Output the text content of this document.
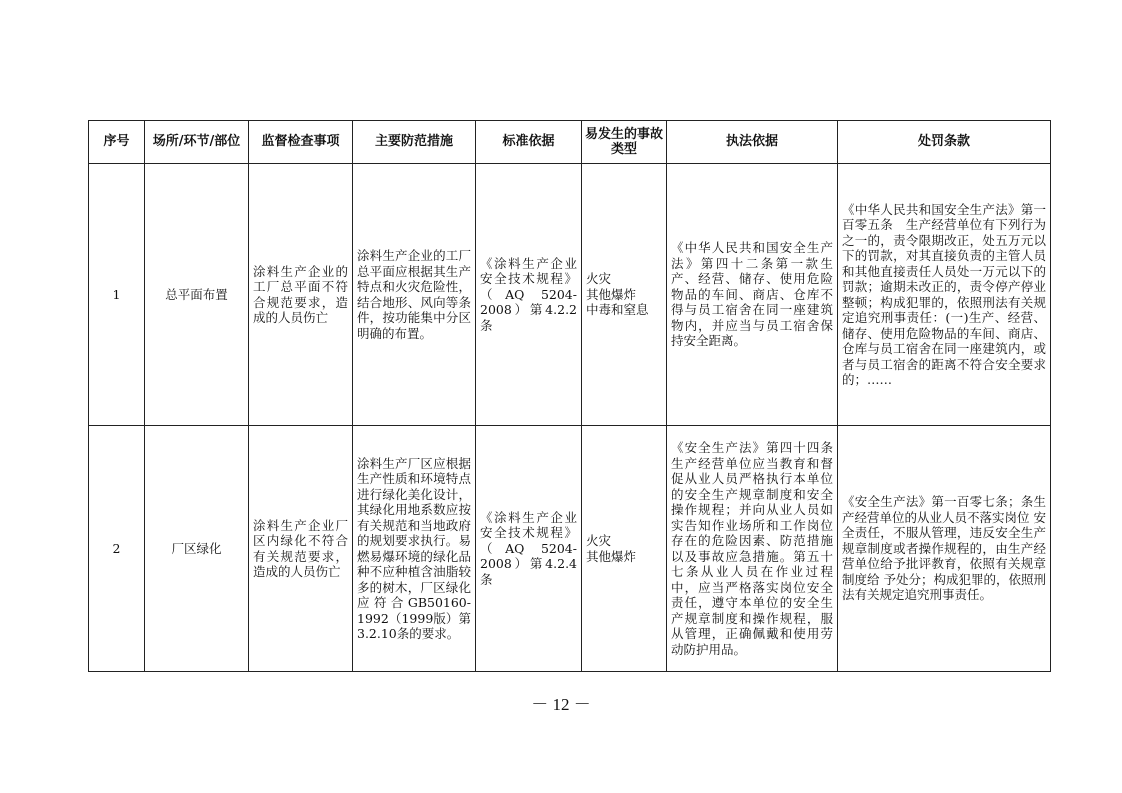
序号	场所/环节/部位	监督检查事项	主要防范措施	标准依据	易发生的事故类型	执法依据	处罚条款
1	总平面布置	涂料生产企业的工厂总平面不符合规范要求，造成的人员伤亡	涂料生产企业的工厂总平面应根据其生产特点和火灾危险性，结合地形、风向等条件，按功能集中分区明确的布置。	《涂料生产企业安全技术规程》（AQ 5204-2008）第4.2.2条	火灾
其他爆炸
中毒和窒息	《中华人民共和国安全生产法》第四十二条第一款生产、经营、储存、使用危险物品的车间、商店、仓库不得与员工宿舍在同一座建筑物内，并应当与员工宿舍保持安全距离。	《中华人民共和国安全生产法》第一百零五条　生产经营单位有下列行为之一的，责令限期改正，处五万元以下的罚款，对其直接负责的主管人员和其他直接责任人员处一万元以下的罚款；逾期未改正的，责令停产停业整顿；构成犯罪的，依照刑法有关规定追究刑事责任：(一)生产、经营、储存、使用危险物品的车间、商店、仓库与员工宿舍在同一座建筑内，或者与员工宿舍的距离不符合安全要求的；……
2	厂区绿化	涂料生产企业厂区内绿化不符合有关规范要求，造成的人员伤亡	涂料生产厂区应根据生产性质和环境特点进行绿化美化设计，其绿化用地系数应按有关规范和当地政府的规划要求执行。易燃易爆环境的绿化品种不应种植含油脂较多的树木，厂区绿化应符合GB50160-1992（1999版）第3.2.10条的要求。	《涂料生产企业安全技术规程》（AQ 5204-2008）第4.2.4条	火灾
其他爆炸	《安全生产法》第四十四条生产经营单位应当教育和督促从业人员严格执行本单位的安全生产规章制度和安全操作规程；并向从业人员如实告知作业场所和工作岗位存在的危险因素、防范措施以及事故应急措施。第五十七条从业人员在作业过程中，应当严格落实岗位安全责任，遵守本单位的安全生产规章制度和操作规程，服从管理，正确佩戴和使用劳动防护用品。	《安全生产法》第一百零七条；条生产经营单位的从业人员不落实岗位 安全责任，不服从管理，违反安全生产规章制度或者操作规程的，由生产经营单位给予批评教育，依照有关规章制度给 予处分；构成犯罪的，依照刑法有关规定追究刑事责任。
－ 12 －
